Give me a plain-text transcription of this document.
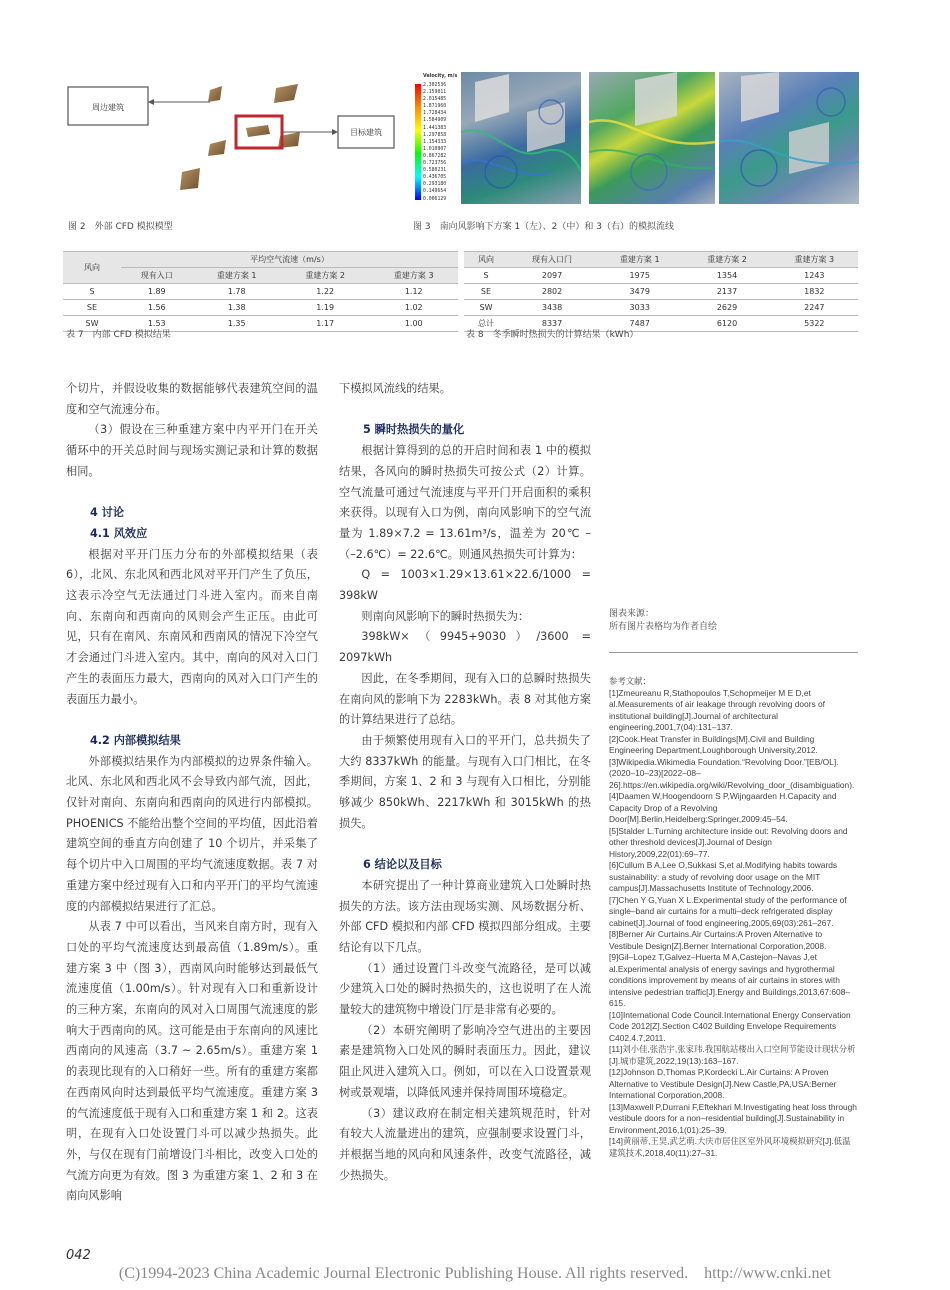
周边建筑
目标建筑
图 2　外部 CFD 模拟模型
Velocity, m/s
2.302536
2.159011
2.015485
1.871960
1.728434
1.584909
1.441383
1.297858
1.154333
1.010807
0.867282
0.723756
0.580231
0.436705
0.293180
0.149654
0.006129
图 3　南向风影响下方案 1（左）、2（中）和 3（右）的模拟流线
风向	平均空气流速（m/s）			
	现有入口	重建方案 1	重建方案 2	重建方案 3
S	1.89	1.78	1.22	1.12
SE	1.56	1.38	1.19	1.02
SW	1.53	1.35	1.17	1.00
表 7　内部 CFD 模拟结果
风向	现有入口门	重建方案 1	重建方案 2	重建方案 3
S	2097	1975	1354	1243
SE	2802	3479	2137	1832
SW	3438	3033	2629	2247
总计	8337	7487	6120	5322
表 8　冬季瞬时热损失的计算结果（kWh）

个切片，并假设收集的数据能够代表建筑空间的温度和空气流速分布。

（3）假设在三种重建方案中内平开门在开关循环中的开关总时间与现场实测记录和计算的数据相同。

4 讨论
4.1 风效应

根据对平开门压力分布的外部模拟结果（表 6），北风、东北风和西北风对平开门产生了负压，这表示冷空气无法通过门斗进入室内。而来自南向、东南向和西南向的风则会产生正压。由此可见，只有在南风、东南风和西南风的情况下冷空气才会通过门斗进入室内。其中，南向的风对入口门产生的表面压力最大，西南向的风对入口门产生的表面压力最小。

4.2 内部模拟结果

外部模拟结果作为内部模拟的边界条件输入。北风、东北风和西北风不会导致内部气流，因此，仅针对南向、东南向和西南向的风进行内部模拟。PHOENICS 不能给出整个空间的平均值，因此沿着建筑空间的垂直方向创建了 10 个切片，并采集了每个切片中入口周围的平均气流速度数据。表 7 对重建方案中经过现有入口和内平开门的平均气流速度的内部模拟结果进行了汇总。

从表 7 中可以看出，当风来自南方时，现有入口处的平均气流速度达到最高值（1.89m/s）。重建方案 3 中（图 3），西南风向时能够达到最低气流速度值（1.00m/s）。针对现有入口和重新设计的三种方案，东南向的风对入口周围气流速度的影响大于西南向的风。这可能是由于东南向的风速比西南向的风速高（3.7 ~ 2.65m/s）。重建方案 1 的表现比现有的入口稍好一些。所有的重建方案都在西南风向时达到最低平均气流速度。重建方案 3 的气流速度低于现有入口和重建方案 1 和 2。这表明，在现有入口处设置门斗可以减少热损失。此外，与仅在现有门前增设门斗相比，改变入口处的气流方向更为有效。图 3 为重建方案 1、2 和 3 在南向风影响

下模拟风流线的结果。

5 瞬时热损失的量化

根据计算得到的总的开启时间和表 1 中的模拟结果，各风向的瞬时热损失可按公式（2）计算。空气流量可通过气流速度与平开门开启面积的乘积来获得。以现有入口为例，南向风影响下的空气流量为 1.89×7.2 = 13.61m³/s，温差为 20℃ –（–2.6℃）= 22.6℃。则通风热损失可计算为：

Q = 1003×1.29×13.61×22.6/1000 = 398kW

则南向风影响下的瞬时热损失为：

398kW×（9945+9030）/3600 = 2097kWh

因此，在冬季期间，现有入口的总瞬时热损失在南向风的影响下为 2283kWh。表 8 对其他方案的计算结果进行了总结。

由于频繁使用现有入口的平开门，总共损失了大约 8337kWh 的能量。与现有入口门相比，在冬季期间，方案 1、2 和 3 与现有入口相比，分别能够减少 850kWh、2217kWh 和 3015kWh 的热损失。

6 结论以及目标

本研究提出了一种计算商业建筑入口处瞬时热损失的方法。该方法由现场实测、风场数据分析、外部 CFD 模拟和内部 CFD 模拟四部分组成。主要结论有以下几点。

（1）通过设置门斗改变气流路径，是可以减少建筑入口处的瞬时热损失的，这也说明了在人流量较大的建筑物中增设门厅是非常有必要的。

（2）本研究阐明了影响冷空气进出的主要因素是建筑物入口处风的瞬时表面压力。因此，建议阻止风进入建筑入口。例如，可以在入口设置景观树或景观墙，以降低风速并保持周围环境稳定。

（3）建议政府在制定相关建筑规范时，针对有较大人流量进出的建筑，应强制要求设置门斗，并根据当地的风向和风速条件，改变气流路径，减少热损失。

图表来源：
所有图片表格均为作者自绘
参考文献：
[1]Zmeureanu R,Stathopoulos T,Schopmeijer M E D,et al.Measurements of air leakage through revolving doors of institutional building[J].Journal of architectural engineering,2001,7(04):131–137.
[2]Cook.Heat Transfer in Buildings[M].Civil and Building Engineering Department,Loughborough University,2012.
[3]Wikipedia.Wikimedia Foundation.“Revolving Door.”[EB/OL].(2020–10–23)[2022–08–26].https://en.wikipedia.org/wiki/Revolving_door_(disambiguation).
[4]Daamen W,Hoogendoorn S P,Wijngaarden H.Capacity and Capacity Drop of a Revolving Door[M].Berlin,Heidelberg:Springer,2009:45–54.
[5]Stalder L.Turning architecture inside out: Revolving doors and other threshold devices[J].Journal of Design History,2009,22(01):69–77.
[6]Cullum B A,Lee O,Sukkasi S,et al.Modifying habits towards sustainability: a study of revolving door usage on the MIT campus[J].Massachusetts Institute of Technology,2006.
[7]Chen Y G,Yuan X L.Experimental study of the performance of single–band air curtains for a multi–deck refrigerated display cabinet[J].Journal of food engineering,2005,69(03):261–267.
[8]Berner Air Curtains.Air Curtains:A Proven Alternative to Vestibule Design[Z].Berner International Corporation,2008.
[9]Gil–Lopez T,Galvez–Huerta M A,Castejon–Navas J,et al.Experimental analysis of energy savings and hygrothermal conditions improvement by means of air curtains in stores with intensive pedestrian traffic[J].Energy and Buildings,2013,67:608–615.
[10]International Code Council.International Energy Conservation Code 2012[Z].Section C402 Building Envelope Requirements C402.4.7,2011.
[11]刘小佳,张浩宇,张家玮.我国航站楼出入口空间节能设计现状分析[J].城市建筑,2022,19(13):163–167.
[12]Johnson D,Thomas P,Kordecki L.Air Curtains: A Proven Alternative to Vestibule Design[J].New Castle,PA,USA:Berner International Corporation,2008.
[13]Maxwell P,Durrani F,Eftekhari M.Investigating heat loss through vestibule doors for a non–residential building[J].Sustainability in Environment,2016,1(01):25–39.
[14]黄丽蒂,王昊,武艺萌.大庆市居住区室外风环境模拟研究[J].低温建筑技术,2018,40(11):27–31.
042
(C)1994-2023 China Academic Journal Electronic Publishing House. All rights reserved.    http://www.cnki.net
